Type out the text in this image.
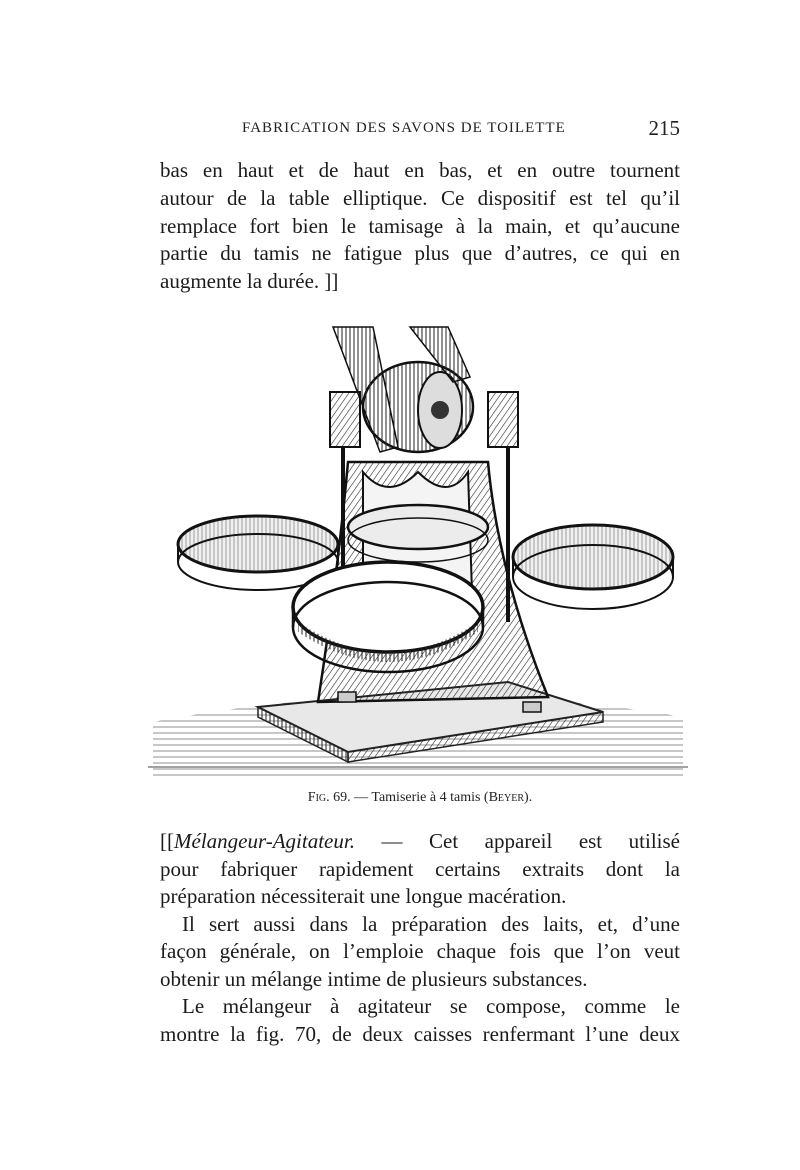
FABRICATION DES SAVONS DE TOILETTE	215
bas en haut et de haut en bas, et en outre tournent
autour de la table elliptique. Ce dispositif est tel qu’il
remplace fort bien le tamisage à la main, et qu’aucune
partie du tamis ne fatigue plus que d’autres, ce qui en
augmente la durée. ]]
Fig. 69. — Tamiserie à 4 tamis (Beyer).
[[Mélangeur-Agitateur. — Cet appareil est utilisé
pour fabriquer rapidement certains extraits dont la
préparation nécessiterait une longue macération.
Il sert aussi dans la préparation des laits, et, d’une
façon générale, on l’emploie chaque fois que l’on veut
obtenir un mélange intime de plusieurs substances.
Le mélangeur à agitateur se compose, comme le
montre la fig. 70, de deux caisses renfermant l’une deux
